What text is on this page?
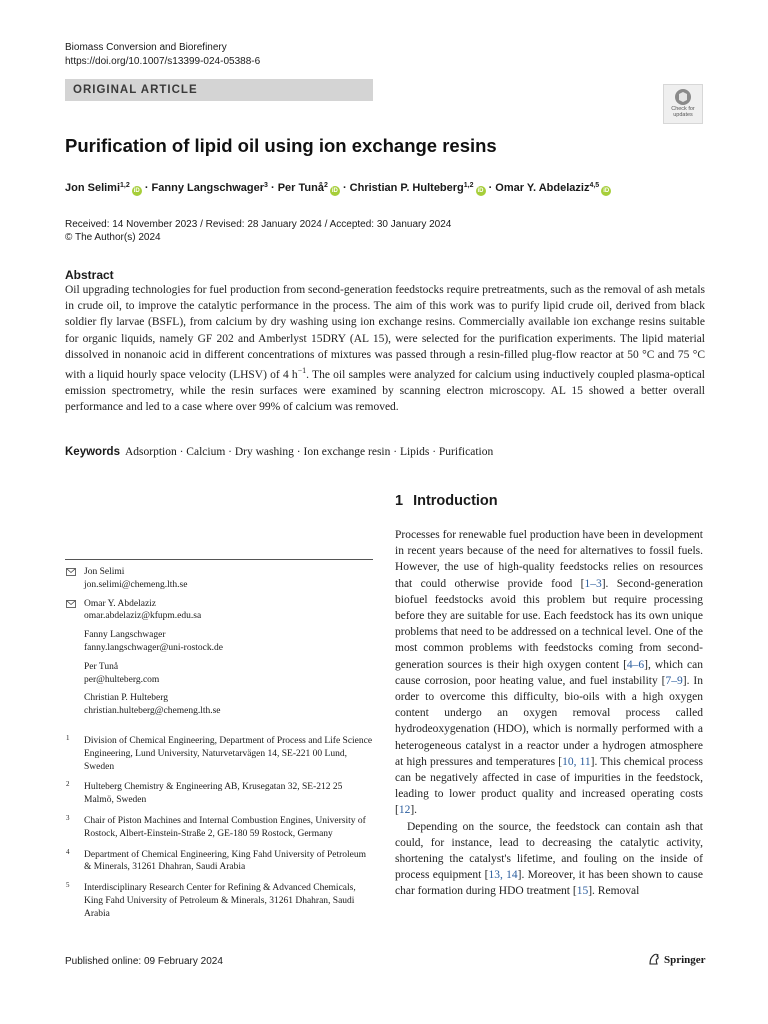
Biomass Conversion and Biorefinery
https://doi.org/10.1007/s13399-024-05388-6
ORIGINAL ARTICLE
Check for
updates
Purification of lipid oil using ion exchange resins
Jon Selimi$^{1,2}$iD · Fanny Langschwager$^3$ · Per Tunå$^2$iD · Christian P. Hulteberg$^{1,2}$iD · Omar Y. Abdelaziz$^{4,5}$iD
Received: 14 November 2023 / Revised: 28 January 2024 / Accepted: 30 January 2024
© The Author(s) 2024
Abstract
Oil upgrading technologies for fuel production from second-generation feedstocks require pretreatments, such as the removal of ash metals in crude oil, to improve the catalytic performance in the process. The aim of this work was to purify lipid crude oil, derived from black soldier fly larvae (BSFL), from calcium by dry washing using ion exchange resins. Commercially available ion exchange resins suitable for organic liquids, namely GF 202 and Amberlyst 15DRY (AL 15), were selected for the purification experiments. The lipid material dissolved in nonanoic acid in different concentrations of mixtures was passed through a resin-filled plug-flow reactor at 50 °C and 75 °C with a liquid hourly space velocity (LHSV) of 4 $h^{-1}$. The oil samples were analyzed for calcium using inductively coupled plasma-optical emission spectrometry, while the resin surfaces were examined by scanning electron microscopy. AL 15 showed a better overall performance and led to a case where over 99% of calcium was removed.
Keywords Adsorption · Calcium · Dry washing · Ion exchange resin · Lipids · Purification
1 Introduction

Processes for renewable fuel production have been in development in recent years because of the need for alternatives to fossil fuels. However, the use of high-quality feedstocks relies on resources that could otherwise provide food [1–3]. Second-generation biofuel feedstocks avoid this problem but require processing before they are suitable for use. Each feedstock has its own unique problems that need to be addressed on a technical level. One of the most common problems with feedstocks coming from second-generation sources is their high oxygen content [4–6], which can cause corrosion, poor heating value, and fuel instability [7–9]. In order to overcome this difficulty, bio-oils with a high oxygen content undergo an oxygen removal process called hydrodeoxygenation (HDO), which is normally performed with a heterogeneous catalyst in a reactor under a hydrogen atmosphere at high pressures and temperatures [10, 11]. This chemical process can be negatively affected in case of impurities in the feedstock, leading to lower product quality and increased operating costs [12].

Depending on the source, the feedstock can contain ash that could, for instance, lead to decreasing the catalytic activity, shortening the catalyst's lifetime, and fouling on the inside of process equipment [13, 14]. Moreover, it has been shown to cause char formation during HDO treatment [15]. Removal

Jon Selimi
jon.selimi@chemeng.lth.se
Omar Y. Abdelaziz
omar.abdelaziz@kfupm.edu.sa
Fanny Langschwager
fanny.langschwager@uni-rostock.de
Per Tunå
per@hulteberg.com
Christian P. Hulteberg
christian.hulteberg@chemeng.lth.se
1 Division of Chemical Engineering, Department of Process and Life Science Engineering, Lund University, Naturvetarvägen 14, SE-221 00 Lund, Sweden
2 Hulteberg Chemistry & Engineering AB, Krusegatan 32, SE-212 25 Malmö, Sweden
3 Chair of Piston Machines and Internal Combustion Engines, University of Rostock, Albert-Einstein-Straße 2, GE-180 59 Rostock, Germany
4 Department of Chemical Engineering, King Fahd University of Petroleum & Minerals, 31261 Dhahran, Saudi Arabia
5 Interdisciplinary Research Center for Refining & Advanced Chemicals, King Fahd University of Petroleum & Minerals, 31261 Dhahran, Saudi Arabia
Published online: 09 February 2024	Springer
